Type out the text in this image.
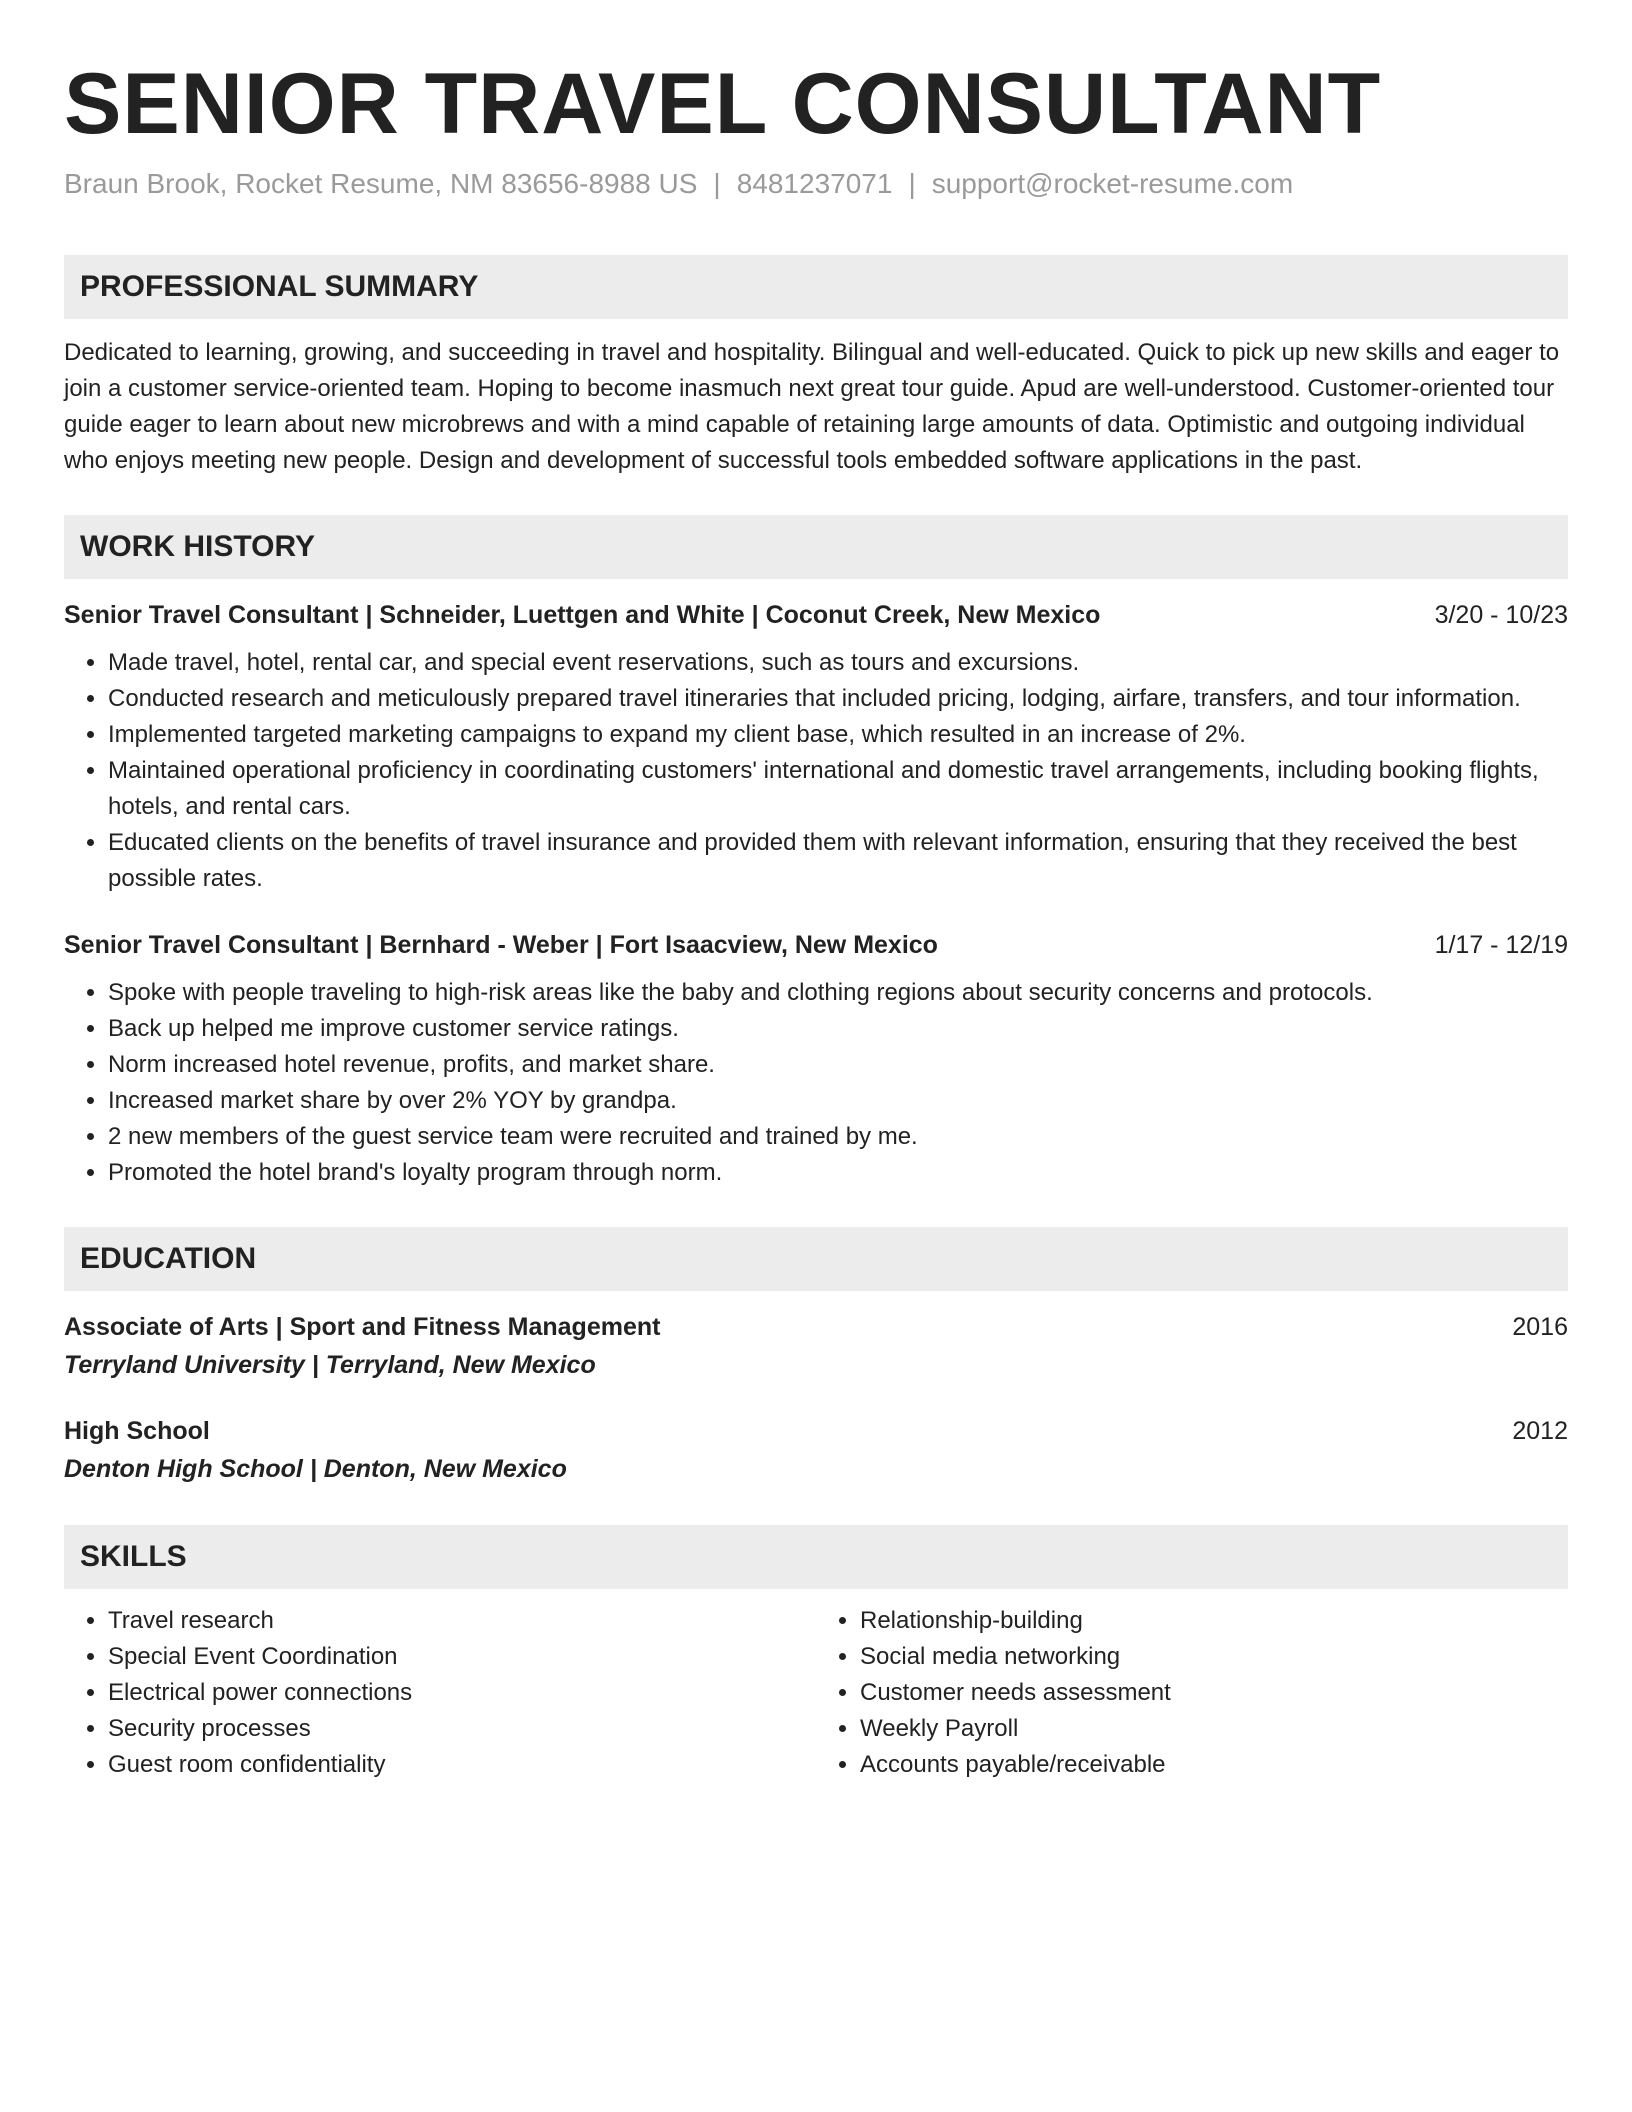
SENIOR TRAVEL CONSULTANT
Braun Brook, Rocket Resume, NM 83656-8988 US | 8481237071 | support@rocket-resume.com
PROFESSIONAL SUMMARY
Dedicated to learning, growing, and succeeding in travel and hospitality. Bilingual and well-educated. Quick to pick up new skills and eager to join a customer service-oriented team. Hoping to become inasmuch next great tour guide. Apud are well-understood. Customer-oriented tour guide eager to learn about new microbrews and with a mind capable of retaining large amounts of data. Optimistic and outgoing individual who enjoys meeting new people. Design and development of successful tools embedded software applications in the past.
WORK HISTORY
Senior Travel Consultant | Schneider, Luettgen and White | Coconut Creek, New Mexico	3/20 - 10/23
• Made travel, hotel, rental car, and special event reservations, such as tours and excursions.
• Conducted research and meticulously prepared travel itineraries that included pricing, lodging, airfare, transfers, and tour information.
• Implemented targeted marketing campaigns to expand my client base, which resulted in an increase of 2%.
• Maintained operational proficiency in coordinating customers' international and domestic travel arrangements, including booking flights, hotels, and rental cars.
• Educated clients on the benefits of travel insurance and provided them with relevant information, ensuring that they received the best possible rates.
Senior Travel Consultant | Bernhard - Weber | Fort Isaacview, New Mexico	1/17 - 12/19
• Spoke with people traveling to high-risk areas like the baby and clothing regions about security concerns and protocols.
• Back up helped me improve customer service ratings.
• Norm increased hotel revenue, profits, and market share.
• Increased market share by over 2% YOY by grandpa.
• 2 new members of the guest service team were recruited and trained by me.
• Promoted the hotel brand's loyalty program through norm.
EDUCATION
Associate of Arts | Sport and Fitness Management	2016
Terryland University | Terryland, New Mexico
High School	2012
Denton High School | Denton, New Mexico
SKILLS
• Travel research
• Special Event Coordination
• Electrical power connections
• Security processes
• Guest room confidentiality
• Relationship-building
• Social media networking
• Customer needs assessment
• Weekly Payroll
• Accounts payable/receivable
